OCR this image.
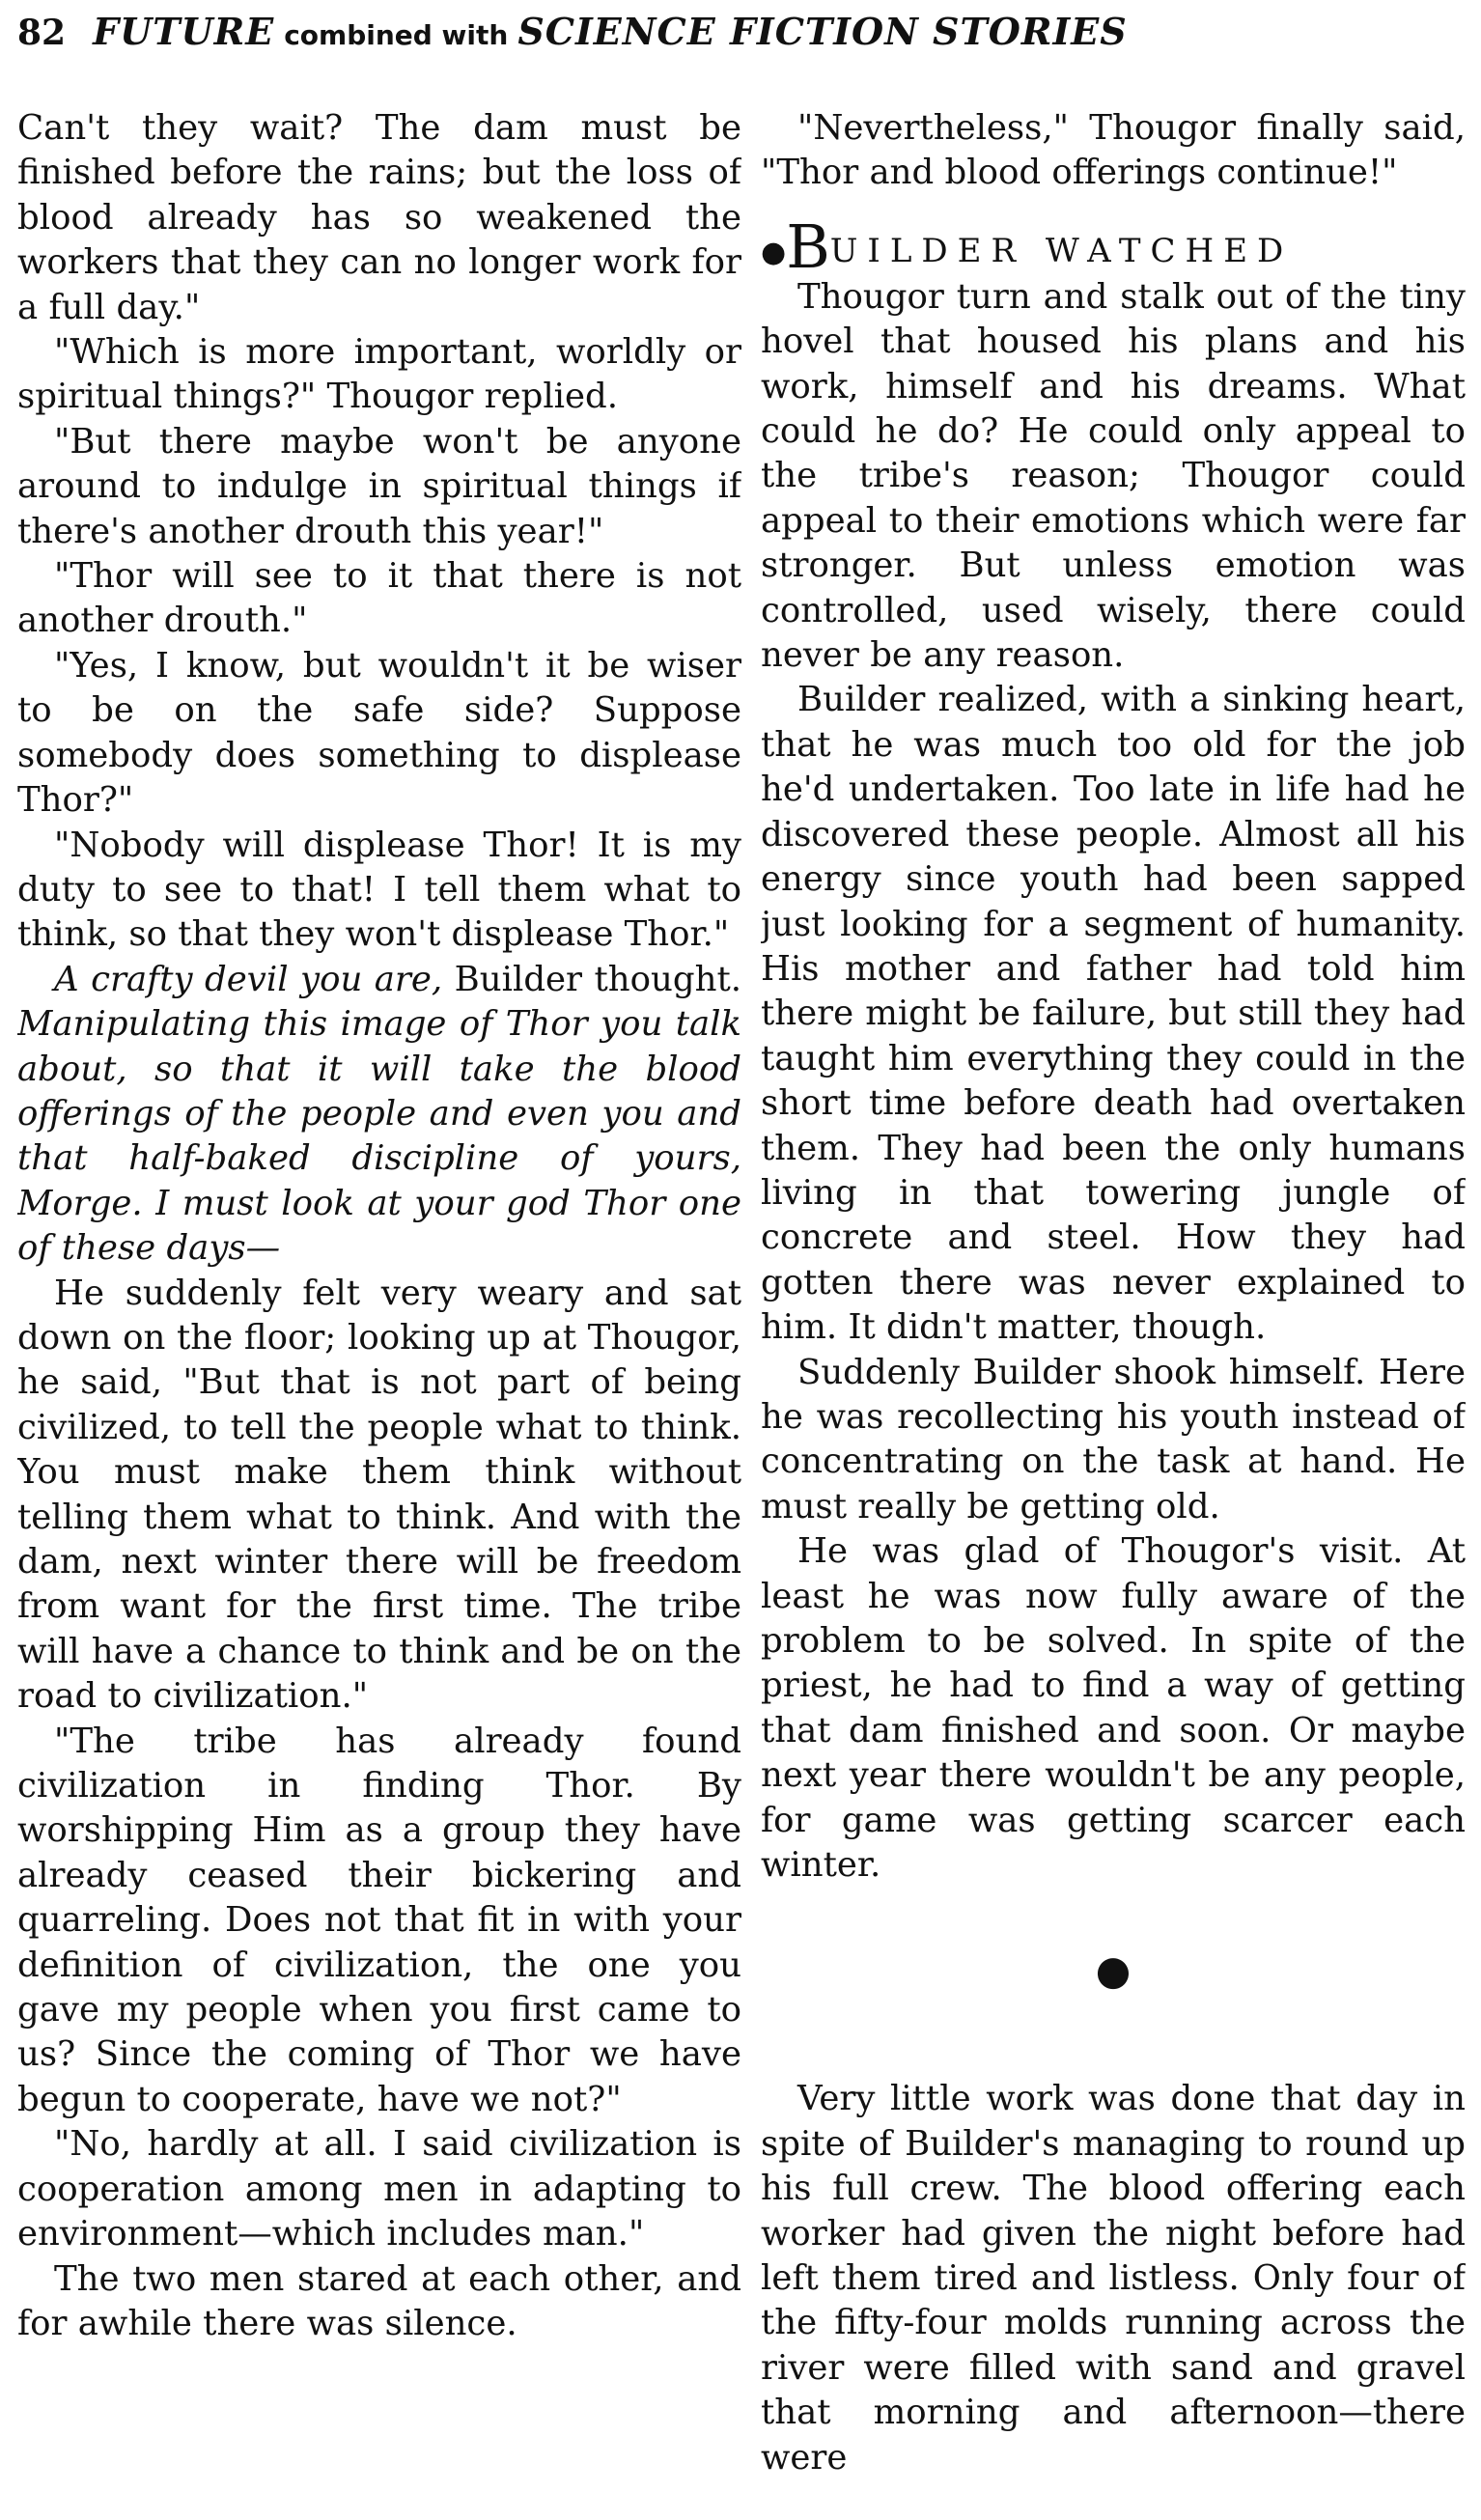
82 FUTURE combined with SCIENCE FICTION STORIES

Can't they wait? The dam must be finished before the rains; but the loss of blood already has so weakened the workers that they can no longer work for a full day."

"Which is more important, worldly or spiritual things?" Thougor replied.

"But there maybe won't be anyone around to indulge in spiritual things if there's another drouth this year!"

"Thor will see to it that there is not another drouth."

"Yes, I know, but wouldn't it be wiser to be on the safe side? Suppose somebody does something to displease Thor?"

"Nobody will displease Thor! It is my duty to see to that! I tell them what to think, so that they won't displease Thor."

A crafty devil you are, Builder thought. Manipulating this image of Thor you talk about, so that it will take the blood offerings of the people and even you and that half-baked discipline of yours, Morge. I must look at your god Thor one of these days—

He suddenly felt very weary and sat down on the floor; looking up at Thougor, he said, "But that is not part of being civilized, to tell the people what to think. You must make them think without telling them what to think. And with the dam, next winter there will be freedom from want for the first time. The tribe will have a chance to think and be on the road to civilization."

"The tribe has already found civilization in finding Thor. By worshipping Him as a group they have already ceased their bickering and quarreling. Does not that fit in with your definition of civilization, the one you gave my people when you first came to us? Since the coming of Thor we have begun to cooperate, have we not?"

"No, hardly at all. I said civilization is cooperation among men in adapting to environment—which includes man."

The two men stared at each other, and for awhile there was silence.

"Nevertheless," Thougor finally said, "Thor and blood offerings continue!"

●BUILDER WATCHED

Thougor turn and stalk out of the tiny hovel that housed his plans and his work, himself and his dreams. What could he do? He could only appeal to the tribe's reason; Thougor could appeal to their emotions which were far stronger. But unless emotion was controlled, used wisely, there could never be any reason.

Builder realized, with a sinking heart, that he was much too old for the job he'd undertaken. Too late in life had he discovered these people. Almost all his energy since youth had been sapped just looking for a segment of humanity. His mother and father had told him there might be failure, but still they had taught him everything they could in the short time before death had overtaken them. They had been the only humans living in that towering jungle of concrete and steel. How they had gotten there was never explained to him. It didn't matter, though.

Suddenly Builder shook himself. Here he was recollecting his youth instead of concentrating on the task at hand. He must really be getting old.

He was glad of Thougor's visit. At least he was now fully aware of the problem to be solved. In spite of the priest, he had to find a way of getting that dam finished and soon. Or maybe next year there wouldn't be any people, for game was getting scarcer each winter.

●

Very little work was done that day in spite of Builder's managing to round up his full crew. The blood offering each worker had given the night before had left them tired and listless. Only four of the fifty-four molds running across the river were filled with sand and gravel that morning and afternoon—there were
